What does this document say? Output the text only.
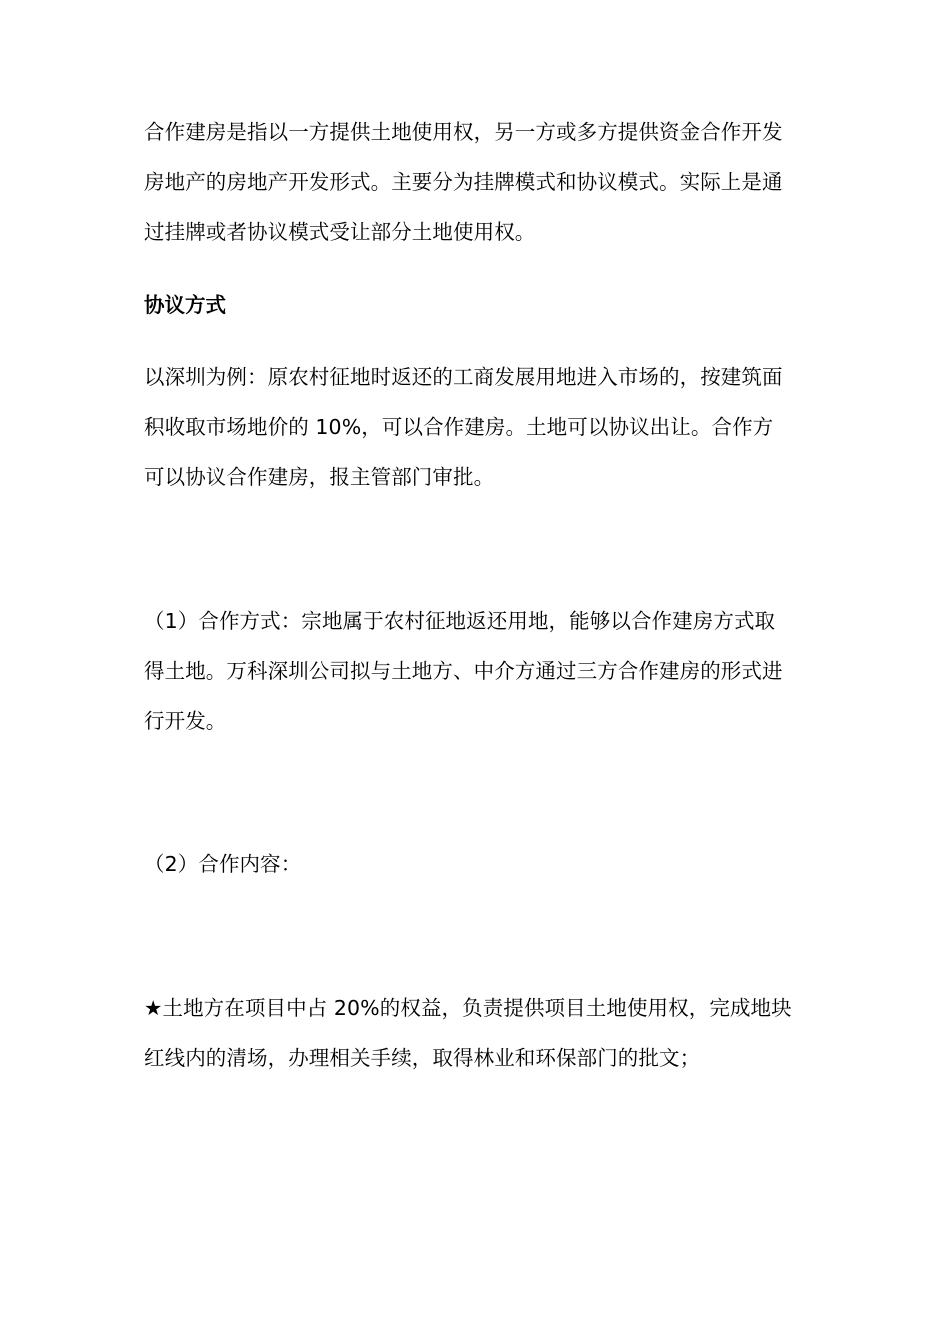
合作建房是指以一方提供土地使用权，另一方或多方提供资金合作开发
房地产的房地产开发形式。主要分为挂牌模式和协议模式。实际上是通
过挂牌或者协议模式受让部分土地使用权。

协议方式

以深圳为例：原农村征地时返还的工商发展用地进入市场的，按建筑面
积收取市场地价的 10%，可以合作建房。土地可以协议出让。合作方
可以协议合作建房，报主管部门审批。

（1）合作方式：宗地属于农村征地返还用地，能够以合作建房方式取
得土地。万科深圳公司拟与土地方、中介方通过三方合作建房的形式进
行开发。

（2）合作内容：

★土地方在项目中占 20%的权益，负责提供项目土地使用权，完成地块
红线内的清场，办理相关手续，取得林业和环保部门的批文；
